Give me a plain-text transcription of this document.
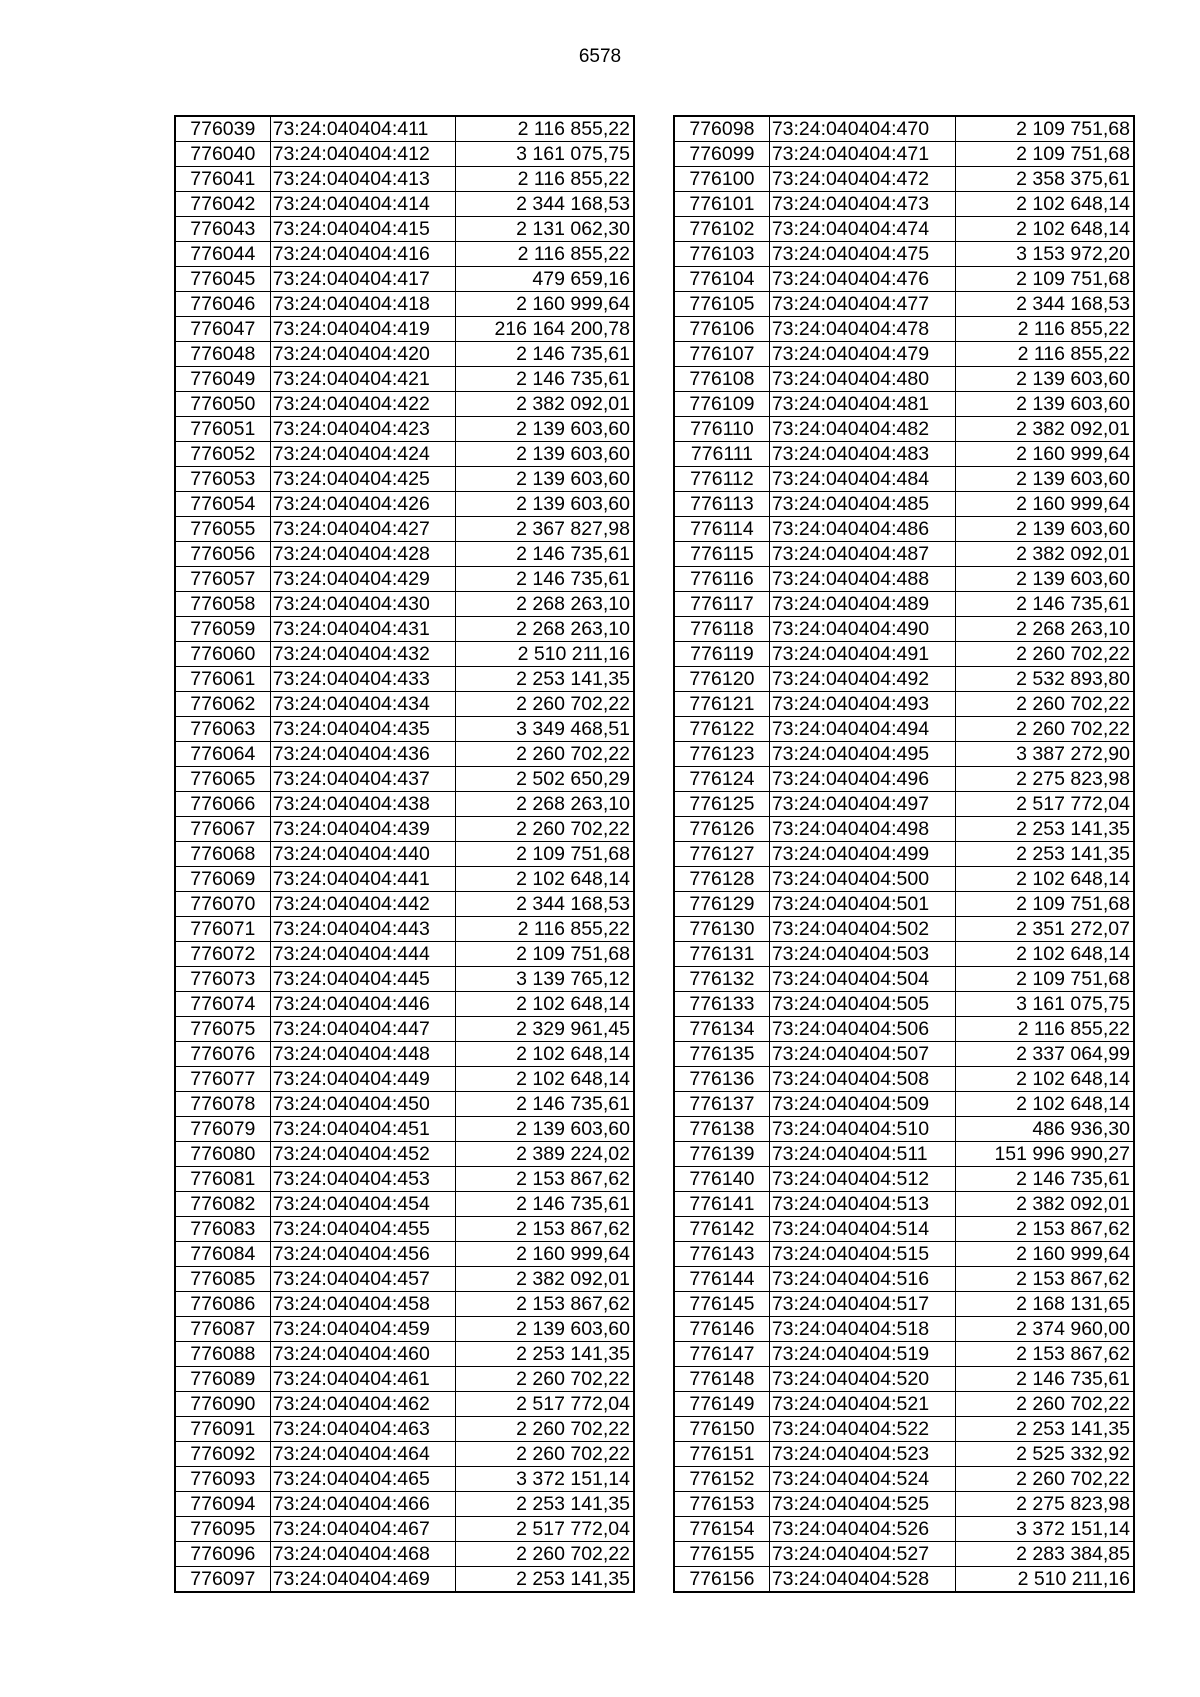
6578
776039	73:24:040404:411	2 116 855,22
776040	73:24:040404:412	3 161 075,75
776041	73:24:040404:413	2 116 855,22
776042	73:24:040404:414	2 344 168,53
776043	73:24:040404:415	2 131 062,30
776044	73:24:040404:416	2 116 855,22
776045	73:24:040404:417	479 659,16
776046	73:24:040404:418	2 160 999,64
776047	73:24:040404:419	216 164 200,78
776048	73:24:040404:420	2 146 735,61
776049	73:24:040404:421	2 146 735,61
776050	73:24:040404:422	2 382 092,01
776051	73:24:040404:423	2 139 603,60
776052	73:24:040404:424	2 139 603,60
776053	73:24:040404:425	2 139 603,60
776054	73:24:040404:426	2 139 603,60
776055	73:24:040404:427	2 367 827,98
776056	73:24:040404:428	2 146 735,61
776057	73:24:040404:429	2 146 735,61
776058	73:24:040404:430	2 268 263,10
776059	73:24:040404:431	2 268 263,10
776060	73:24:040404:432	2 510 211,16
776061	73:24:040404:433	2 253 141,35
776062	73:24:040404:434	2 260 702,22
776063	73:24:040404:435	3 349 468,51
776064	73:24:040404:436	2 260 702,22
776065	73:24:040404:437	2 502 650,29
776066	73:24:040404:438	2 268 263,10
776067	73:24:040404:439	2 260 702,22
776068	73:24:040404:440	2 109 751,68
776069	73:24:040404:441	2 102 648,14
776070	73:24:040404:442	2 344 168,53
776071	73:24:040404:443	2 116 855,22
776072	73:24:040404:444	2 109 751,68
776073	73:24:040404:445	3 139 765,12
776074	73:24:040404:446	2 102 648,14
776075	73:24:040404:447	2 329 961,45
776076	73:24:040404:448	2 102 648,14
776077	73:24:040404:449	2 102 648,14
776078	73:24:040404:450	2 146 735,61
776079	73:24:040404:451	2 139 603,60
776080	73:24:040404:452	2 389 224,02
776081	73:24:040404:453	2 153 867,62
776082	73:24:040404:454	2 146 735,61
776083	73:24:040404:455	2 153 867,62
776084	73:24:040404:456	2 160 999,64
776085	73:24:040404:457	2 382 092,01
776086	73:24:040404:458	2 153 867,62
776087	73:24:040404:459	2 139 603,60
776088	73:24:040404:460	2 253 141,35
776089	73:24:040404:461	2 260 702,22
776090	73:24:040404:462	2 517 772,04
776091	73:24:040404:463	2 260 702,22
776092	73:24:040404:464	2 260 702,22
776093	73:24:040404:465	3 372 151,14
776094	73:24:040404:466	2 253 141,35
776095	73:24:040404:467	2 517 772,04
776096	73:24:040404:468	2 260 702,22
776097	73:24:040404:469	2 253 141,35
776098	73:24:040404:470	2 109 751,68
776099	73:24:040404:471	2 109 751,68
776100	73:24:040404:472	2 358 375,61
776101	73:24:040404:473	2 102 648,14
776102	73:24:040404:474	2 102 648,14
776103	73:24:040404:475	3 153 972,20
776104	73:24:040404:476	2 109 751,68
776105	73:24:040404:477	2 344 168,53
776106	73:24:040404:478	2 116 855,22
776107	73:24:040404:479	2 116 855,22
776108	73:24:040404:480	2 139 603,60
776109	73:24:040404:481	2 139 603,60
776110	73:24:040404:482	2 382 092,01
776111	73:24:040404:483	2 160 999,64
776112	73:24:040404:484	2 139 603,60
776113	73:24:040404:485	2 160 999,64
776114	73:24:040404:486	2 139 603,60
776115	73:24:040404:487	2 382 092,01
776116	73:24:040404:488	2 139 603,60
776117	73:24:040404:489	2 146 735,61
776118	73:24:040404:490	2 268 263,10
776119	73:24:040404:491	2 260 702,22
776120	73:24:040404:492	2 532 893,80
776121	73:24:040404:493	2 260 702,22
776122	73:24:040404:494	2 260 702,22
776123	73:24:040404:495	3 387 272,90
776124	73:24:040404:496	2 275 823,98
776125	73:24:040404:497	2 517 772,04
776126	73:24:040404:498	2 253 141,35
776127	73:24:040404:499	2 253 141,35
776128	73:24:040404:500	2 102 648,14
776129	73:24:040404:501	2 109 751,68
776130	73:24:040404:502	2 351 272,07
776131	73:24:040404:503	2 102 648,14
776132	73:24:040404:504	2 109 751,68
776133	73:24:040404:505	3 161 075,75
776134	73:24:040404:506	2 116 855,22
776135	73:24:040404:507	2 337 064,99
776136	73:24:040404:508	2 102 648,14
776137	73:24:040404:509	2 102 648,14
776138	73:24:040404:510	486 936,30
776139	73:24:040404:511	151 996 990,27
776140	73:24:040404:512	2 146 735,61
776141	73:24:040404:513	2 382 092,01
776142	73:24:040404:514	2 153 867,62
776143	73:24:040404:515	2 160 999,64
776144	73:24:040404:516	2 153 867,62
776145	73:24:040404:517	2 168 131,65
776146	73:24:040404:518	2 374 960,00
776147	73:24:040404:519	2 153 867,62
776148	73:24:040404:520	2 146 735,61
776149	73:24:040404:521	2 260 702,22
776150	73:24:040404:522	2 253 141,35
776151	73:24:040404:523	2 525 332,92
776152	73:24:040404:524	2 260 702,22
776153	73:24:040404:525	2 275 823,98
776154	73:24:040404:526	3 372 151,14
776155	73:24:040404:527	2 283 384,85
776156	73:24:040404:528	2 510 211,16
